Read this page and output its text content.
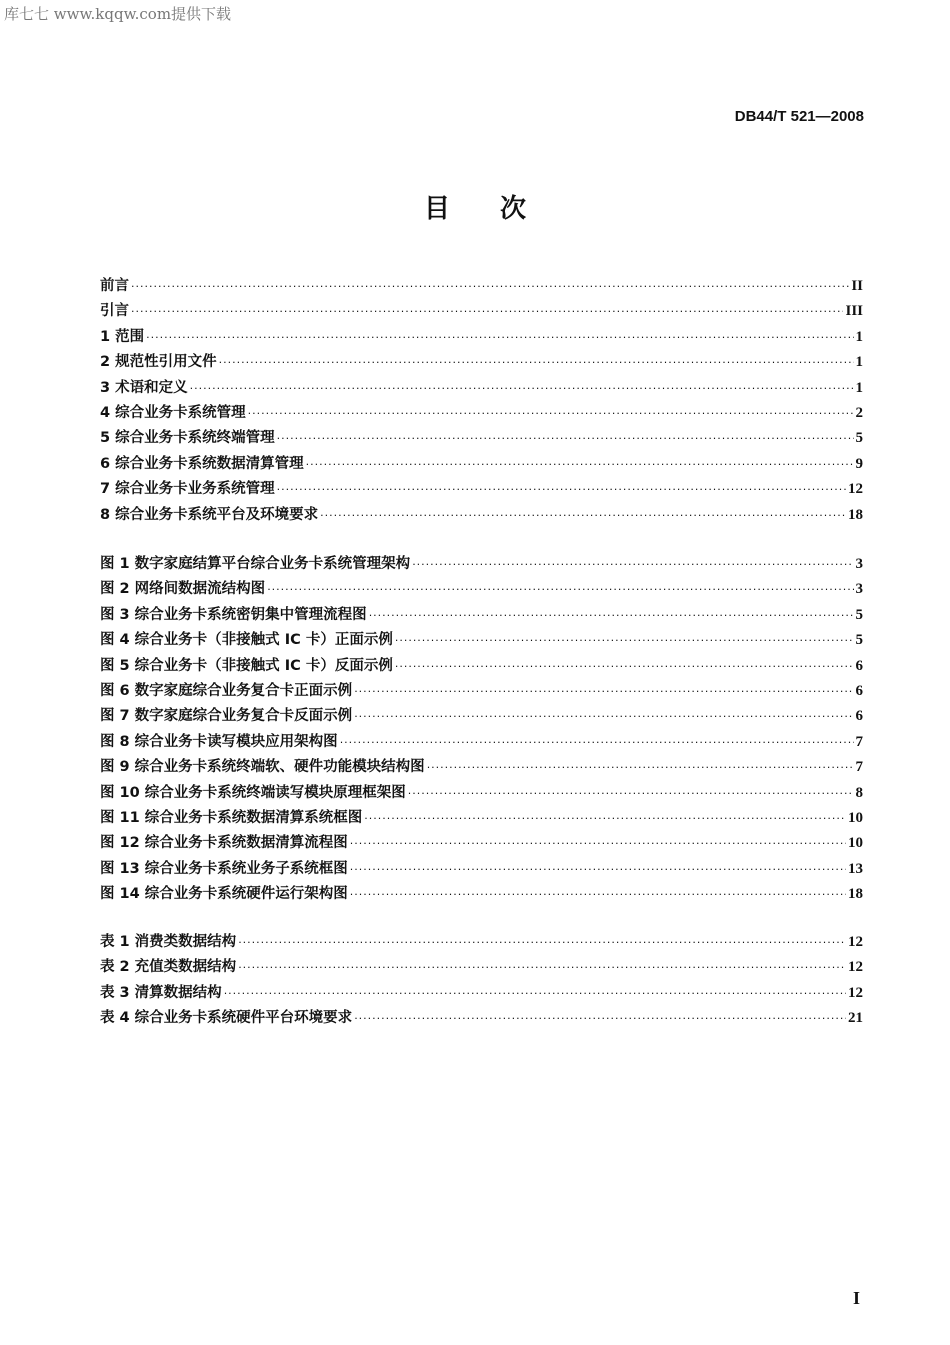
库七七 www.kqqw.com提供下载
DB44/T 521—2008
目次
前言 ·····	II
引言 ·····	III
1 范围 ·····	1
2 规范性引用文件 ·····	1
3 术语和定义 ·····	1
4 综合业务卡系统管理 ·····	2
5 综合业务卡系统终端管理 ·····	5
6 综合业务卡系统数据清算管理 ·····	9
7 综合业务卡业务系统管理 ·····	12
8 综合业务卡系统平台及环境要求 ·····	18
图 1 数字家庭结算平台综合业务卡系统管理架构 ·····	3
图 2 网络间数据流结构图 ·····	3
图 3 综合业务卡系统密钥集中管理流程图 ·····	5
图 4 综合业务卡（非接触式 IC 卡）正面示例 ·····	5
图 5 综合业务卡（非接触式 IC 卡）反面示例 ·····	6
图 6 数字家庭综合业务复合卡正面示例 ·····	6
图 7 数字家庭综合业务复合卡反面示例 ·····	6
图 8 综合业务卡读写模块应用架构图 ·····	7
图 9 综合业务卡系统终端软、硬件功能模块结构图 ·····	7
图 10 综合业务卡系统终端读写模块原理框架图 ·····	8
图 11 综合业务卡系统数据清算系统框图 ·····	10
图 12 综合业务卡系统数据清算流程图 ·····	10
图 13 综合业务卡系统业务子系统框图 ·····	13
图 14 综合业务卡系统硬件运行架构图 ·····	18
表 1 消费类数据结构 ·····	12
表 2 充值类数据结构 ·····	12
表 3 清算数据结构 ·····	12
表 4 综合业务卡系统硬件平台环境要求 ·····	21
I
